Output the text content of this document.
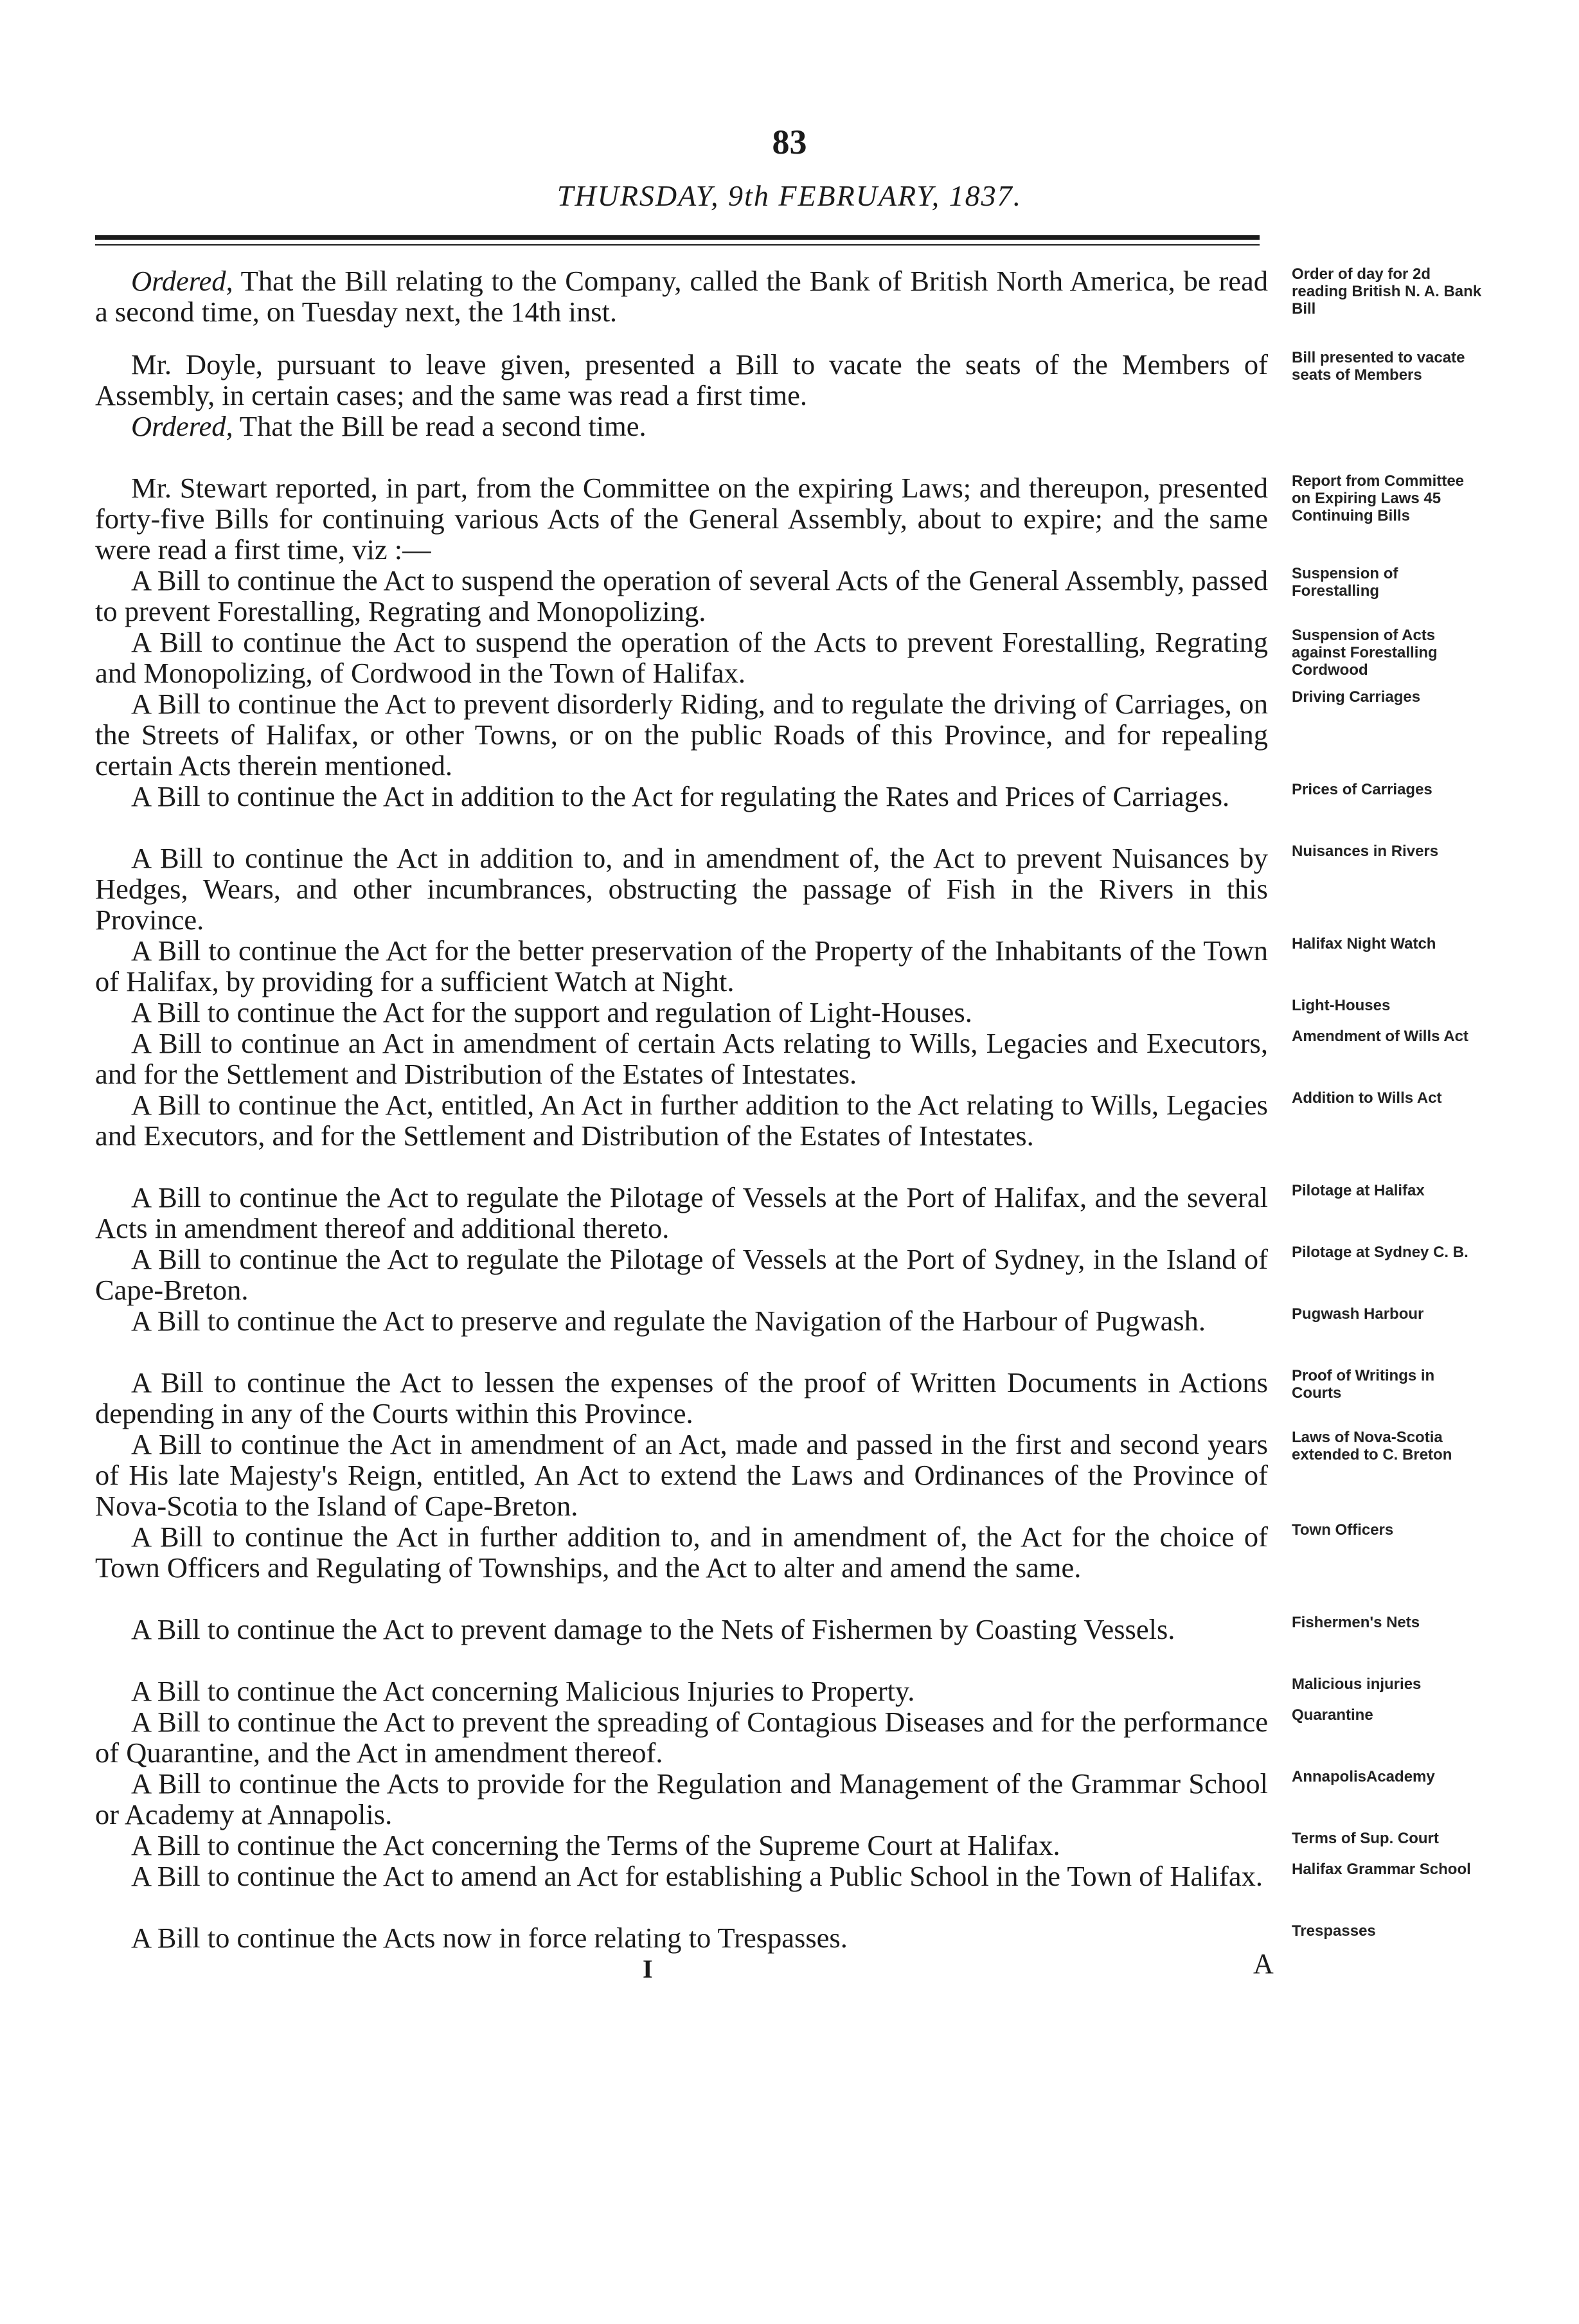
83
THURSDAY, 9th FEBRUARY, 1837.

Ordered, That the Bill relating to the Company, called the Bank of British North America, be read a second time, on Tuesday next, the 14th inst.

Order of day for 2d reading British N. A. Bank Bill

Mr. Doyle, pursuant to leave given, presented a Bill to vacate the seats of the Members of Assembly, in certain cases; and the same was read a first time.

Bill presented to vacate seats of Members

Ordered, That the Bill be read a second time.

Mr. Stewart reported, in part, from the Committee on the expiring Laws; and thereupon, presented forty-five Bills for continuing various Acts of the General Assembly, about to expire; and the same were read a first time, viz :—

Report from Committee on Expiring Laws 45 Continuing Bills

A Bill to continue the Act to suspend the operation of several Acts of the General Assembly, passed to prevent Forestalling, Regrating and Monopolizing.

Suspension of Forestalling

A Bill to continue the Act to suspend the operation of the Acts to prevent Forestalling, Regrating and Monopolizing, of Cordwood in the Town of Halifax.

Suspension of Acts against Forestalling Cordwood

A Bill to continue the Act to prevent disorderly Riding, and to regulate the driving of Carriages, on the Streets of Halifax, or other Towns, or on the public Roads of this Province, and for repealing certain Acts therein mentioned.

Driving Carriages

A Bill to continue the Act in addition to the Act for regulating the Rates and Prices of Carriages.	Prices of Carriages

A Bill to continue the Act in addition to, and in amendment of, the Act to prevent Nuisances by Hedges, Wears, and other incumbrances, obstructing the passage of Fish in the Rivers in this Province.

Nuisances in Rivers

A Bill to continue the Act for the better preservation of the Property of the Inhabitants of the Town of Halifax, by providing for a sufficient Watch at Night.

Halifax Night Watch

A Bill to continue the Act for the support and regulation of Light-Houses.	Light-Houses

A Bill to continue an Act in amendment of certain Acts relating to Wills, Legacies and Executors, and for the Settlement and Distribution of the Estates of Intestates.

Amendment of Wills Act

A Bill to continue the Act, entitled, An Act in further addition to the Act relating to Wills, Legacies and Executors, and for the Settlement and Distribution of the Estates of Intestates.

Addition to Wills Act

A Bill to continue the Act to regulate the Pilotage of Vessels at the Port of Halifax, and the several Acts in amendment thereof and additional thereto.

Pilotage at Halifax

A Bill to continue the Act to regulate the Pilotage of Vessels at the Port of Sydney, in the Island of Cape-Breton.

Pilotage at Sydney C. B.

A Bill to continue the Act to preserve and regulate the Navigation of the Harbour of Pugwash.	Pugwash Harbour

A Bill to continue the Act to lessen the expenses of the proof of Written Documents in Actions depending in any of the Courts within this Province.

Proof of Writings in Courts

A Bill to continue the Act in amendment of an Act, made and passed in the first and second years of His late Majesty's Reign, entitled, An Act to extend the Laws and Ordinances of the Province of Nova-Scotia to the Island of Cape-Breton.

Laws of Nova-Scotia extended to C. Breton

A Bill to continue the Act in further addition to, and in amendment of, the Act for the choice of Town Officers and Regulating of Townships, and the Act to alter and amend the same.

Town Officers

A Bill to continue the Act to prevent damage to the Nets of Fishermen by Coasting Vessels.	Fishermen's Nets

A Bill to continue the Act concerning Malicious Injuries to Property.	Malicious injuries

A Bill to continue the Act to prevent the spreading of Contagious Diseases and for the performance of Quarantine, and the Act in amendment thereof.

Quarantine

A Bill to continue the Acts to provide for the Regulation and Management of the Grammar School or Academy at Annapolis.

AnnapolisAcademy

A Bill to continue the Act concerning the Terms of the Supreme Court at Halifax.	Terms of Sup. Court

A Bill to continue the Act to amend an Act for establishing a Public School in the Town of Halifax.	Halifax Grammar School

A Bill to continue the Acts now in force relating to Trespasses.	Trespasses

I	A
